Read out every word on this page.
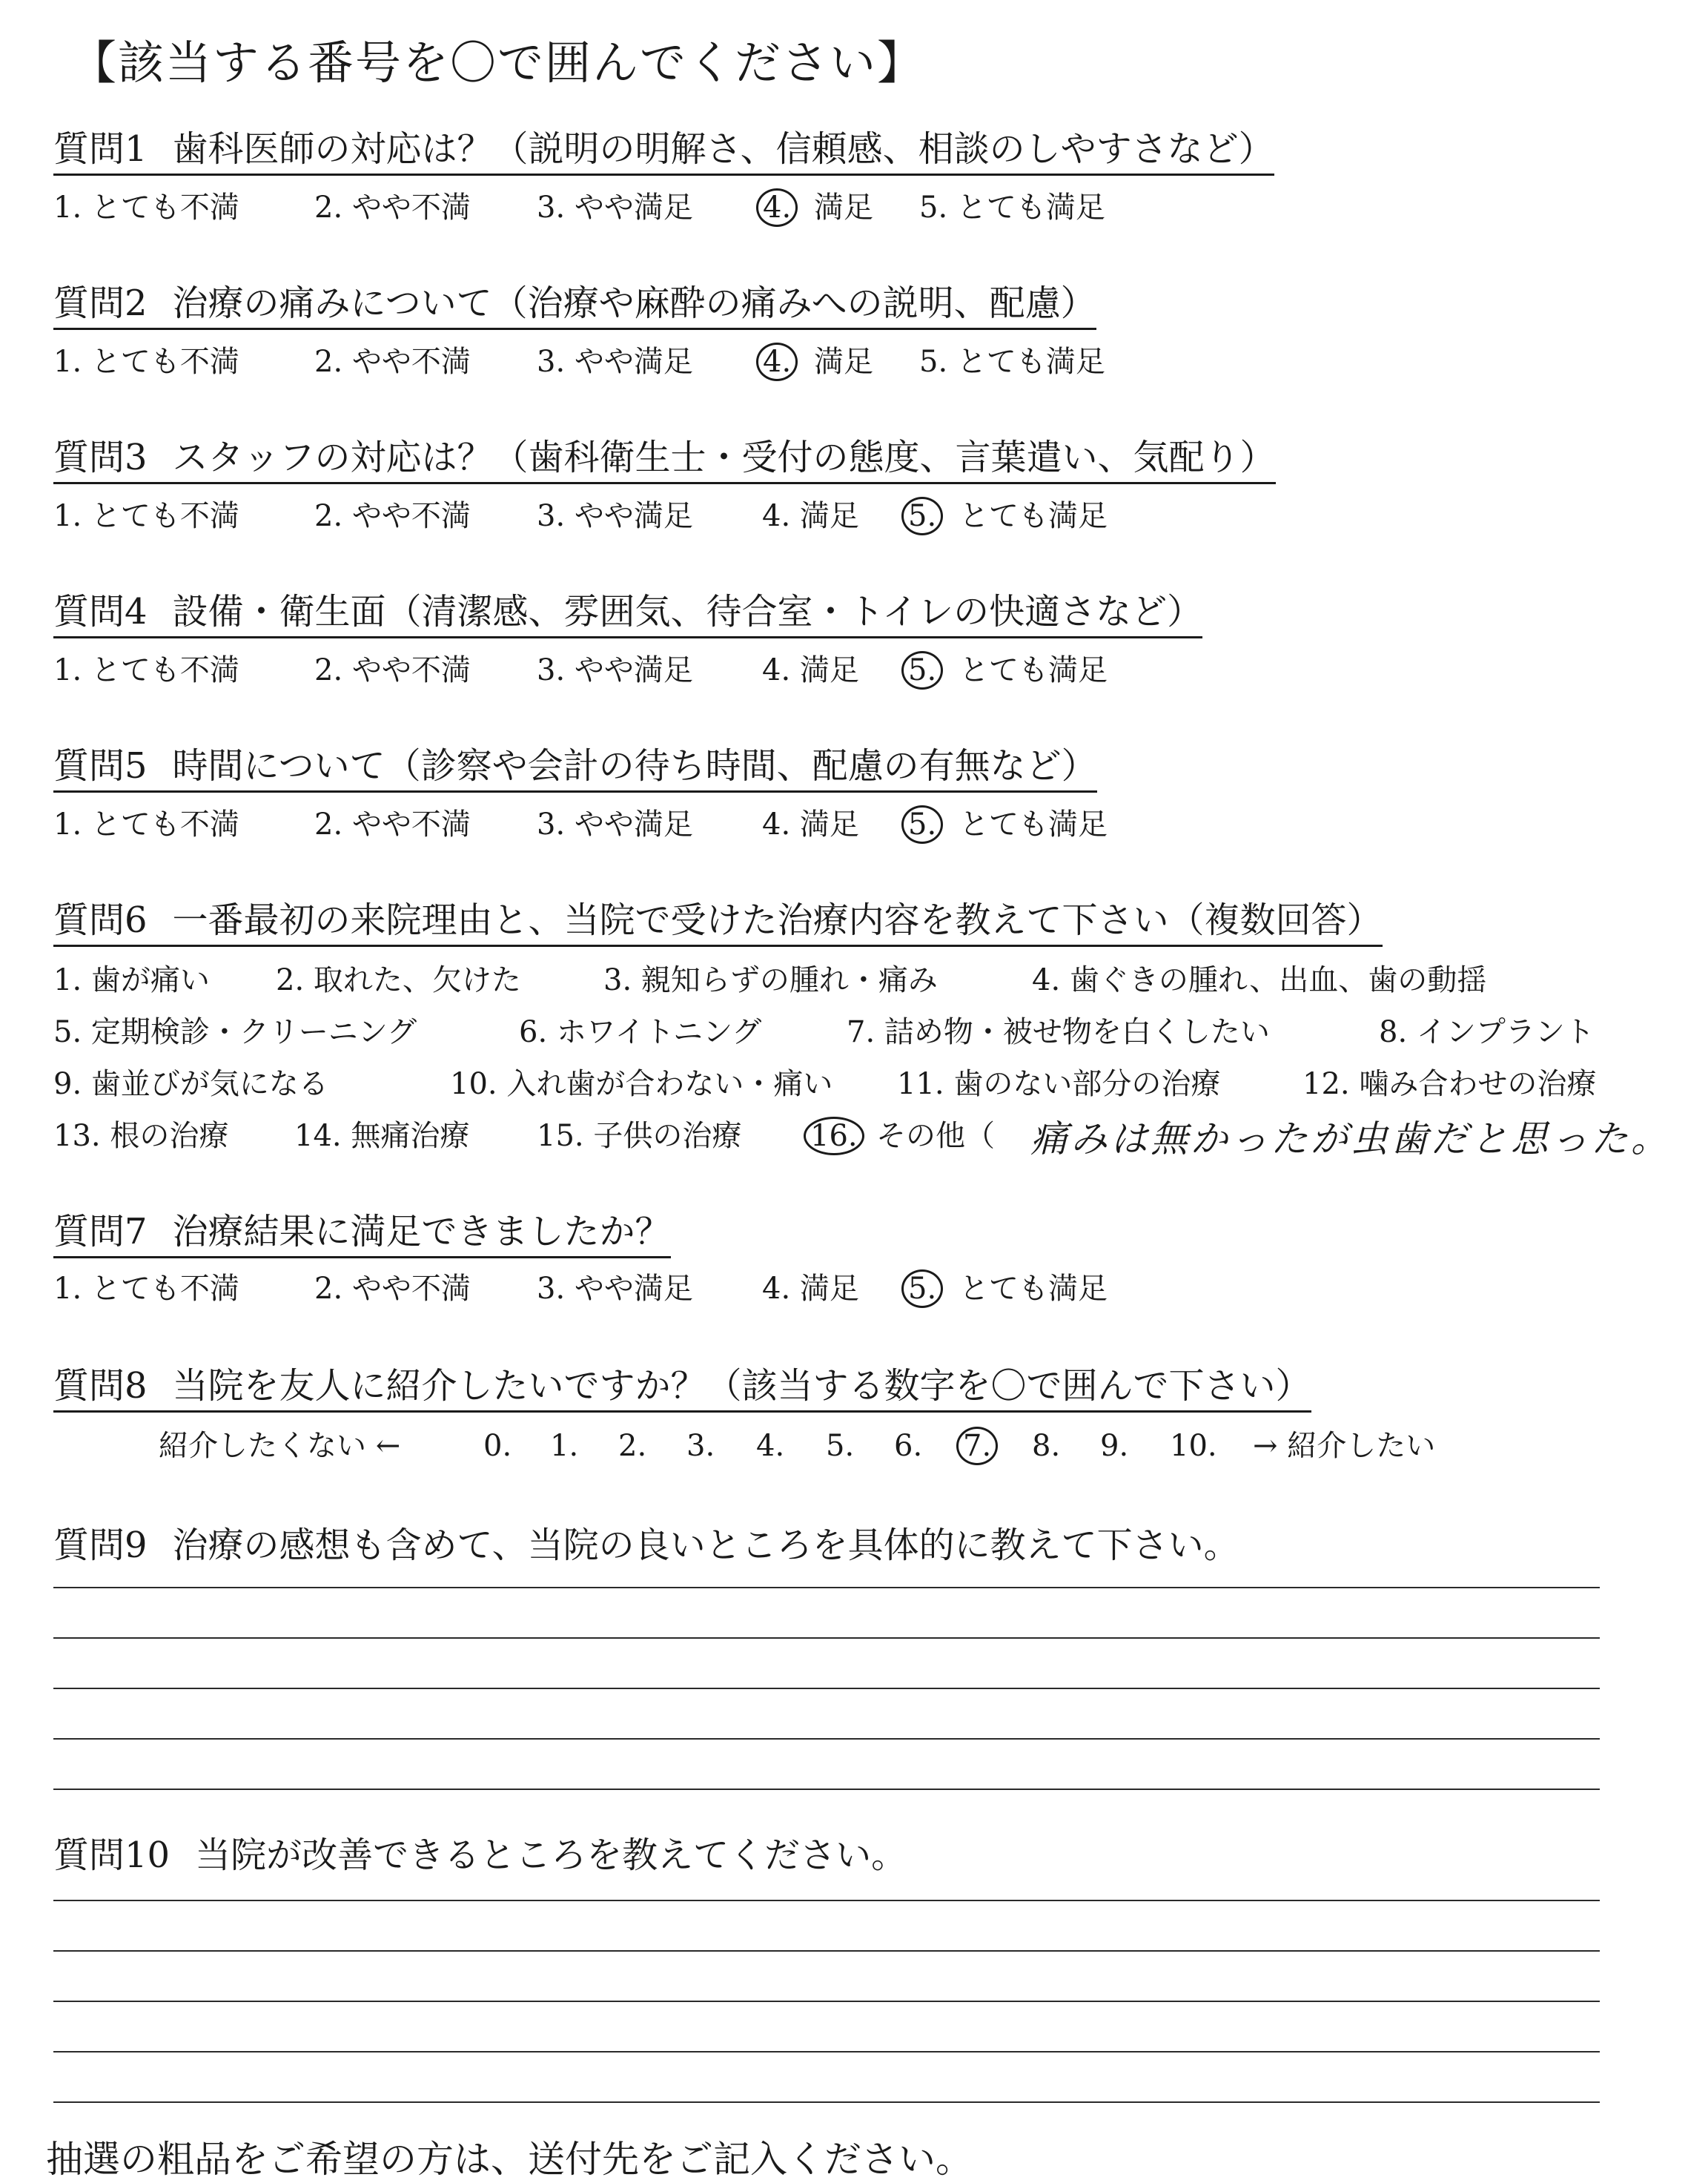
【該当する番号を〇で囲んでください】
質問1 歯科医師の対応は？（説明の明解さ、信頼感、相談のしやすさなど）
1. とても不満	2. やや不満 3. やや満足 4. 満足 5. とても満足
質問2 治療の痛みについて（治療や麻酔の痛みへの説明、配慮）
1. とても不満	2. やや不満 3. やや満足 4. 満足 5. とても満足
質問3 スタッフの対応は？（歯科衛生士・受付の態度、言葉遣い、気配り）
1. とても不満	2. やや不満 3. やや満足 4. 満足 5. とても満足
質問4 設備・衛生面（清潔感、雰囲気、待合室・トイレの快適さなど）
1. とても不満	2. やや不満 3. やや満足 4. 満足 5. とても満足
質問5 時間について（診察や会計の待ち時間、配慮の有無など）
1. とても不満	2. やや不満 3. やや満足 4. 満足 5. とても満足
質問6 一番最初の来院理由と、当院で受けた治療内容を教えて下さい（複数回答）
1. 歯が痛い 2. 取れた、欠けた	3. 親知らずの腫れ・痛み	4. 歯ぐきの腫れ、出血、歯の動揺
5. 定期検診・クリーニング	6. ホワイトニング	7. 詰め物・被せ物を白くしたい	8. インプラント
9. 歯並びが気になる	10. 入れ歯が合わない・痛い 11. 歯のない部分の治療	12. 噛み合わせの治療
13. 根の治療 14. 無痛治療 15. 子供の治療 16. その他（ 痛みは無かったが虫歯だと思った。
質問7 治療結果に満足できましたか？
1. とても不満	2. やや不満 3. やや満足 4. 満足 5. とても満足
質問8 当院を友人に紹介したいですか？（該当する数字を〇で囲んで下さい）
紹介したくない ←	0. 1. 2. 3. 4. 5. 6. 7. 8. 9. 10. → 紹介したい
質問9 治療の感想も含めて、当院の良いところを具体的に教えて下さい。
質問10 当院が改善できるところを教えてください。
抽選の粗品をご希望の方は、送付先をご記入ください。
